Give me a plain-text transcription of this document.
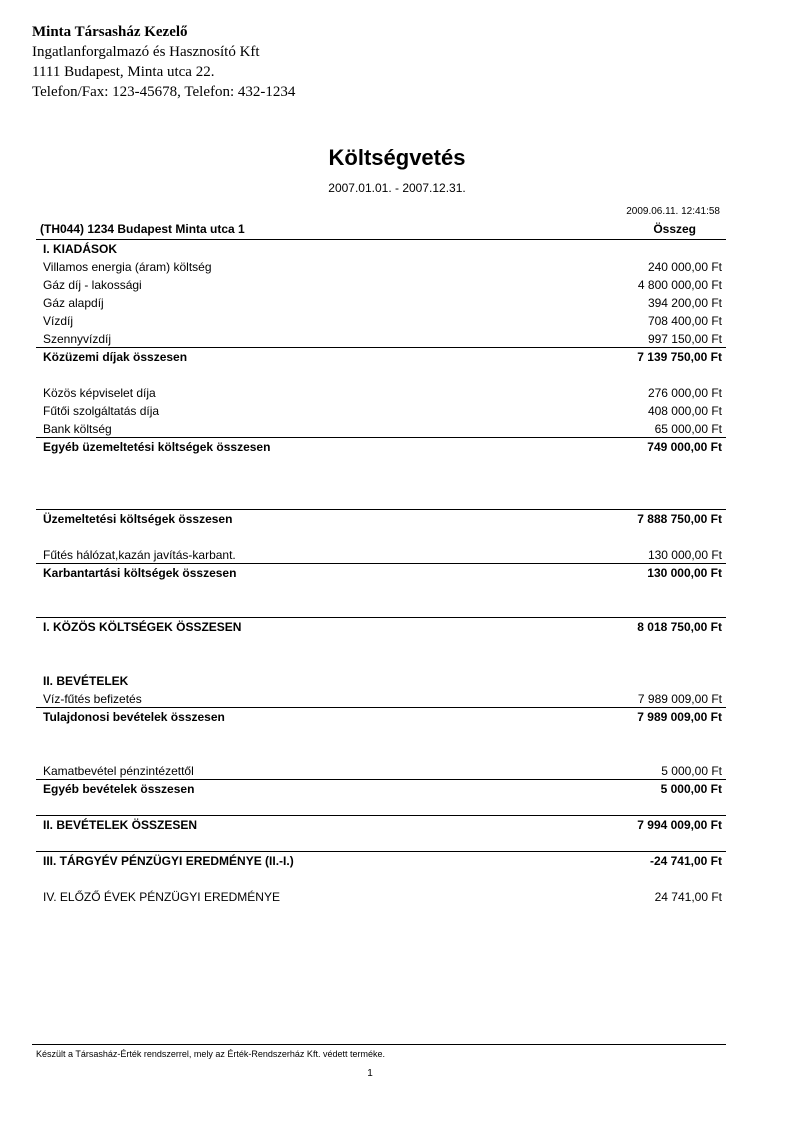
Minta Társasház Kezelő
Ingatlanforgalmazó és Hasznosító Kft
1111 Budapest, Minta utca 22.
Telefon/Fax: 123-45678, Telefon: 432-1234
Költségvetés
2007.01.01. - 2007.12.31.
2009.06.11. 12:41:58
(TH044) 1234 Budapest Minta utca 1	Összeg
I. KIADÁSOK
Villamos energia (áram) költség	240 000,00 Ft
Gáz díj - lakossági	4 800 000,00 Ft
Gáz alapdíj	394 200,00 Ft
Vízdíj	708 400,00 Ft
Szennyvízdíj	997 150,00 Ft
Közüzemi díjak összesen	7 139 750,00 Ft
Közös képviselet díja	276 000,00 Ft
Fűtői szolgáltatás díja	408 000,00 Ft
Bank költség	65 000,00 Ft
Egyéb üzemeltetési költségek összesen	749 000,00 Ft
Üzemeltetési költségek összesen	7 888 750,00 Ft
Fűtés hálózat,kazán javítás-karbant.	130 000,00 Ft
Karbantartási költségek összesen	130 000,00 Ft
I. KÖZÖS KÖLTSÉGEK ÖSSZESEN	8 018 750,00 Ft
II. BEVÉTELEK
Víz-fűtés befizetés	7 989 009,00 Ft
Tulajdonosi bevételek összesen	7 989 009,00 Ft
Kamatbevétel pénzintézettől	5 000,00 Ft
Egyéb bevételek összesen	5 000,00 Ft
II. BEVÉTELEK ÖSSZESEN	7 994 009,00 Ft
III. TÁRGYÉV PÉNZÜGYI EREDMÉNYE (II.-I.)	-24 741,00 Ft
IV. ELŐZŐ ÉVEK PÉNZÜGYI EREDMÉNYE	24 741,00 Ft
Készült a Társasház-Érték rendszerrel, mely az Érték-Rendszerház Kft. védett terméke.
1
